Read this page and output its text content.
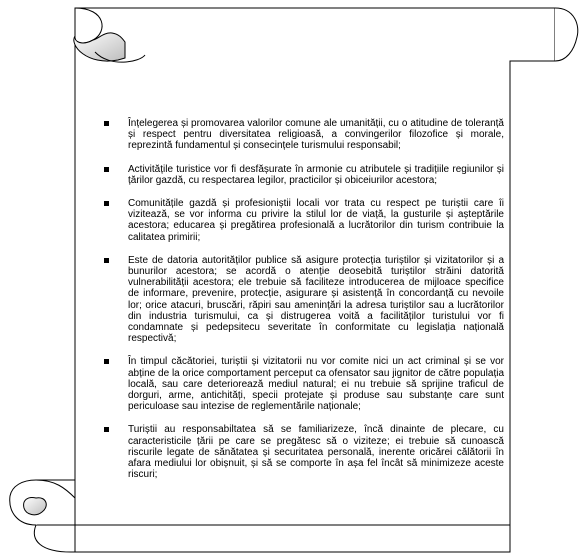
Înțelegerea și promovarea valorilor comune ale umanității, cu o atitudine de toleranță și respect pentru diversitatea religioasă, a convingerilor filozofice și morale, reprezintă fundamentul și consecințele turismului responsabil;
Activitățile turistice vor fi desfășurate în armonie cu atributele și tradițiile regiunilor și țărilor gazdă, cu respectarea legilor, practicilor și obiceiurilor acestora;
Comunitățile gazdă și profesioniștii locali vor trata cu respect pe turiștii care îi vizitează, se vor informa cu privire la stilul lor de viață, la gusturile și așteptările acestora; educarea și pregătirea profesională a lucrătorilor din turism contribuie la calitatea primirii;
Este de datoria autorităților publice să asigure protecția turiștilor și vizitatorilor și a bunurilor acestora; se acordă o atenție deosebită turiștilor străini datorită vulnerabilității acestora; ele trebuie să faciliteze introducerea de mijloace specifice de informare, prevenire, protecție, asigurare și asistență în concordanță cu nevoile lor; orice atacuri, bruscări, răpiri sau amenințări la adresa turiștilor sau a lucrătorilor din industria turismului, ca și distrugerea voită a facilităților turistului vor fi condamnate și pedepsitecu severitate în conformitate cu legislația națională respectivă;
În timpul căcătoriei, turiștii și vizitatorii nu vor comite nici un act criminal și se vor abține de la orice comportament perceput ca ofensator sau jignitor de către populația locală, sau care deteriorează mediul natural; ei nu trebuie să sprijine traficul de dorguri, arme, antichități, specii protejate și produse sau substanțe care sunt periculoase sau intezise de reglementările naționale;
Turiștii au responsabiltatea să se familiarizeze, încă dinainte de plecare, cu caracteristicile țării pe care se pregătesc să o viziteze; ei trebuie să cunoască riscurile legate de sănătatea și securitatea personală, inerente oricărei călătorii în afara mediului lor obișnuit, și să se comporte în așa fel încât să minimizeze aceste riscuri;
